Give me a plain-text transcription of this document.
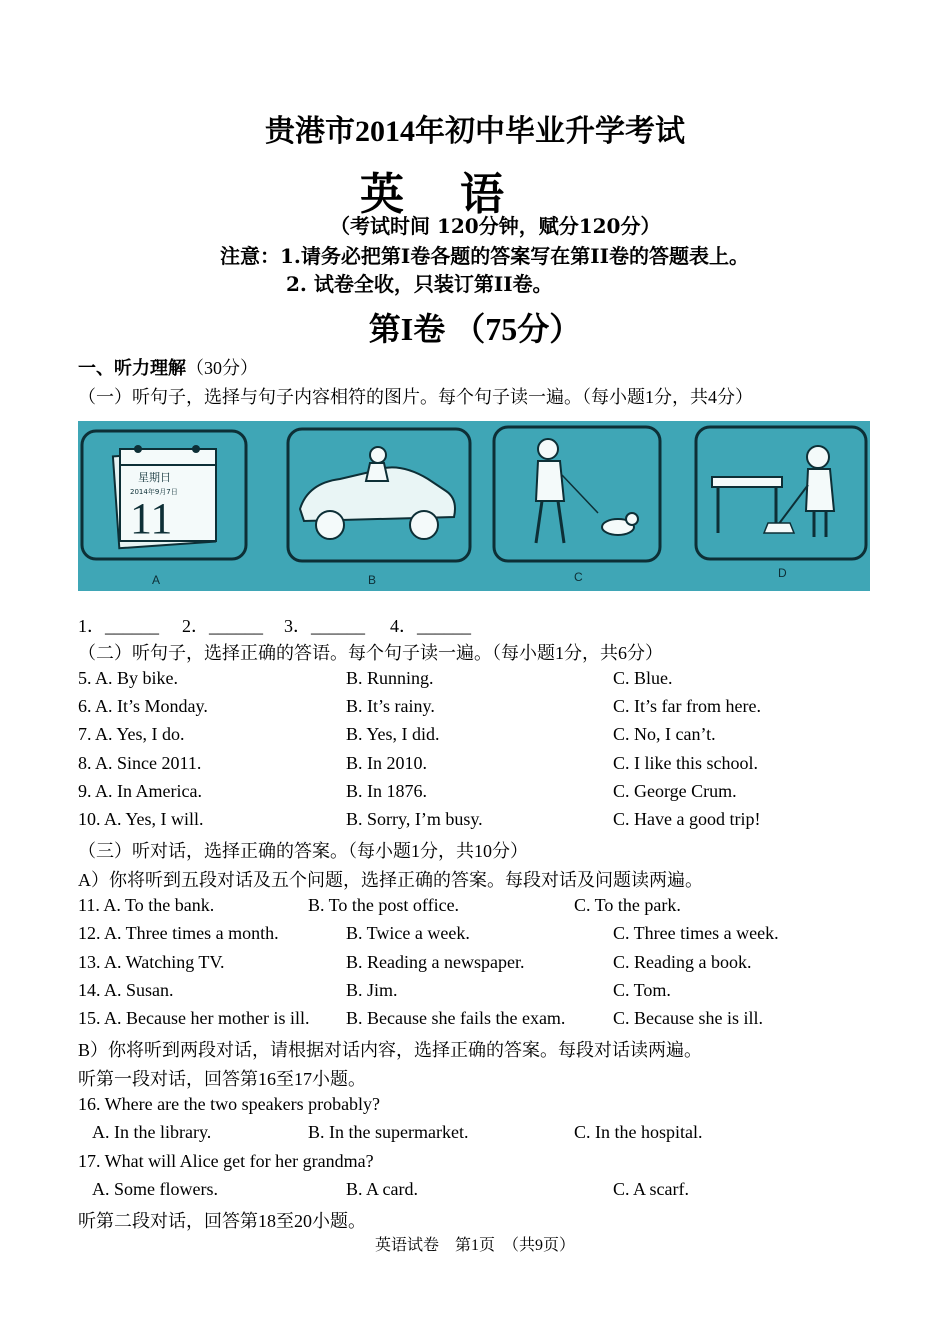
贵港市2014年初中毕业升学考试
英 语
（考试时间 120分钟，赋分120分）
注意：1.请务必把第I卷各题的答案写在第II卷的答题表上。
2. 试卷全收，只装订第II卷。
第I卷 （75分）
一、听力理解（30分）
（一）听句子，选择与句子内容相符的图片。每个句子读一遍。（每小题1分，共4分）
星期日
2014年9月7日
11
A	B	C	D
1．______ 2．______ 3．______ 4．______
（二）听句子，选择正确的答语。每个句子读一遍。（每小题1分，共6分）
5. A. By bike.	B. Running.	C. Blue.
6. A. It’s Monday.	B. It’s rainy.	C. It’s far from here.
7. A. Yes, I do.	B. Yes, I did.	C. No, I can’t.
8. A. Since 2011.	B. In 2010.	C. I like this school.
9. A. In America.	B. In 1876.	C. George Crum.
10. A. Yes, I will.	B. Sorry, I’m busy.	C. Have a good trip!
（三）听对话，选择正确的答案。（每小题1分，共10分）
A）你将听到五段对话及五个问题，选择正确的答案。每段对话及问题读两遍。
11. A. To the bank.	B. To the post office.	C. To the park.
12. A. Three times a month.	B. Twice a week.	C. Three times a week.
13. A. Watching TV.	B. Reading a newspaper.	C. Reading a book.
14. A. Susan.	B. Jim.	C. Tom.
15. A. Because her mother is ill. B. Because she fails the exam.	C. Because she is ill.
B）你将听到两段对话，请根据对话内容，选择正确的答案。每段对话读两遍。
听第一段对话，回答第16至17小题。
16. Where are the two speakers probably?
A. In the library.	B. In the supermarket.	C. In the hospital.
17. What will Alice get for her grandma?
A. Some flowers.	B. A card.	C. A scarf.
听第二段对话，回答第18至20小题。
英语试卷　第1页　（共9页）
